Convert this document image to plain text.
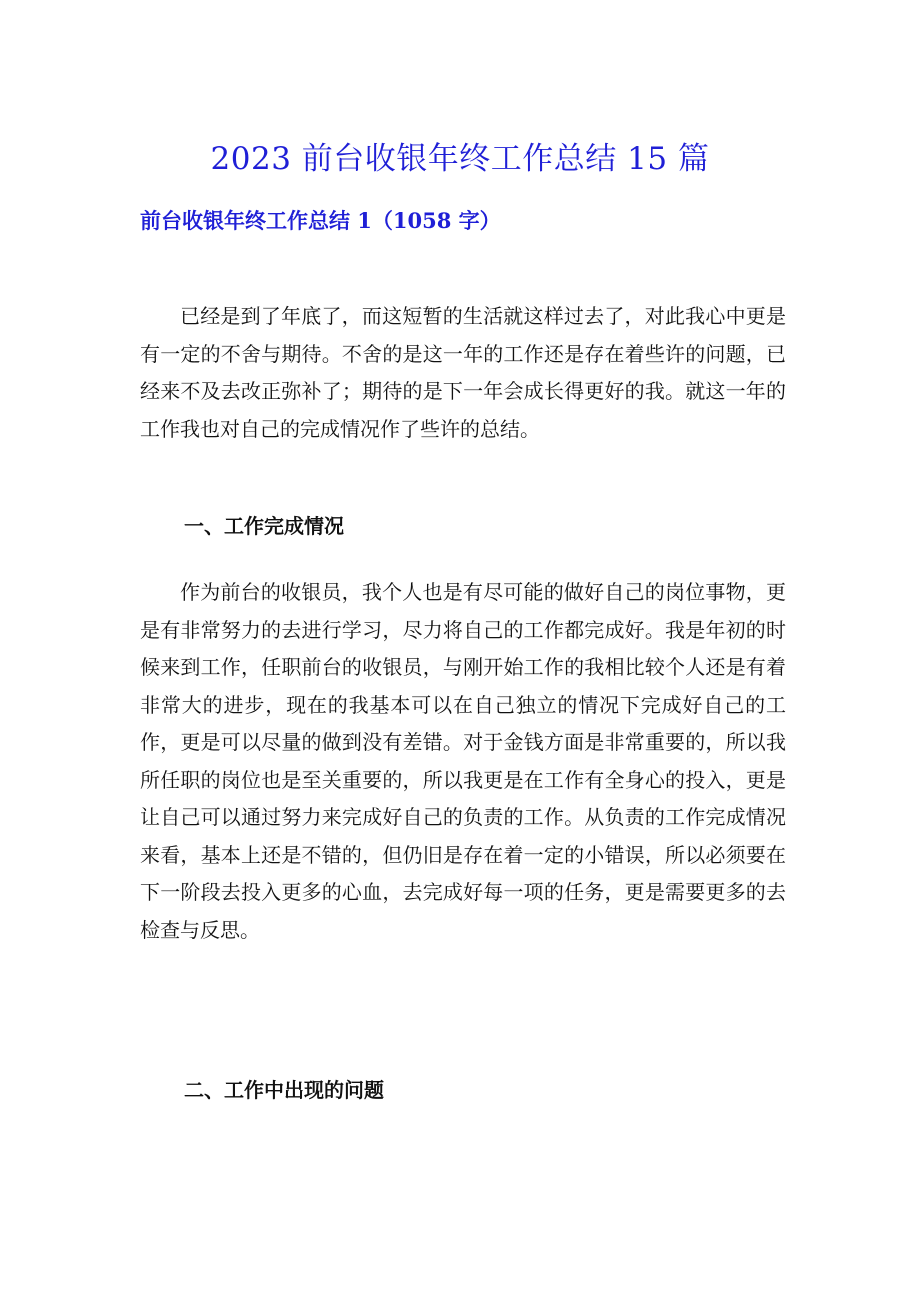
2023 前台收银年终工作总结 15 篇
前台收银年终工作总结 1（1058 字）

已经是到了年底了，而这短暂的生活就这样过去了，对此我心中更是有一定的不舍与期待。不舍的是这一年的工作还是存在着些许的问题，已经来不及去改正弥补了；期待的是下一年会成长得更好的我。就这一年的工作我也对自己的完成情况作了些许的总结。

一、工作完成情况

作为前台的收银员，我个人也是有尽可能的做好自己的岗位事物，更是有非常努力的去进行学习，尽力将自己的工作都完成好。我是年初的时候来到工作，任职前台的收银员，与刚开始工作的我相比较个人还是有着非常大的进步，现在的我基本可以在自己独立的情况下完成好自己的工作，更是可以尽量的做到没有差错。对于金钱方面是非常重要的，所以我所任职的岗位也是至关重要的，所以我更是在工作有全身心的投入，更是让自己可以通过努力来完成好自己的负责的工作。从负责的工作完成情况来看，基本上还是不错的，但仍旧是存在着一定的小错误，所以必须要在下一阶段去投入更多的心血，去完成好每一项的任务，更是需要更多的去检查与反思。

二、工作中出现的问题
